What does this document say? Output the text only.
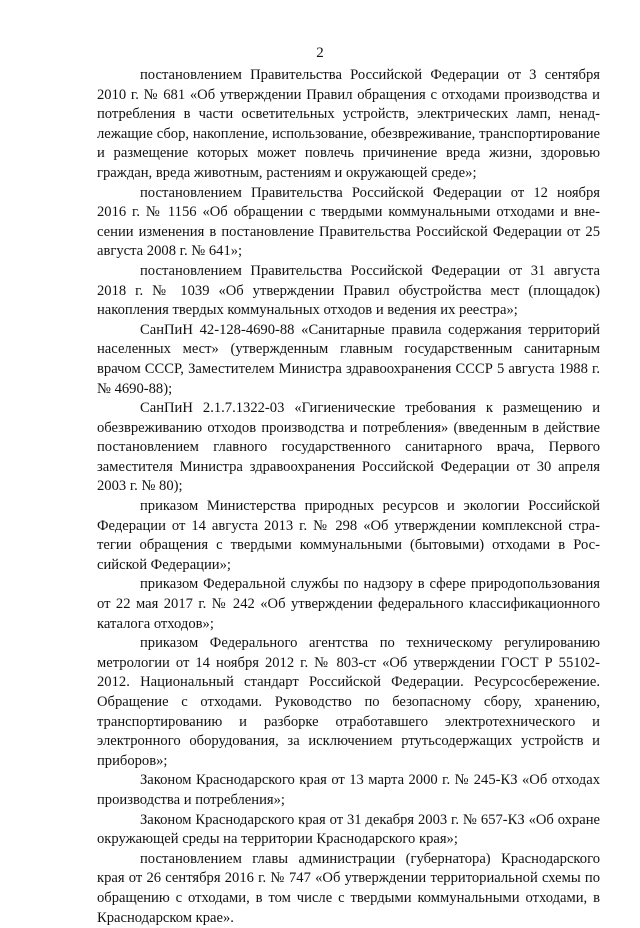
2

постановлением Правительства Российской Федерации от 3 сентября 2010 г. № 681 «Об утверждении Правил обращения с отходами производства и потребления в части осветительных устройств, электрических ламп, ненадлежащие сбор, накопление, использование, обезвреживание, транспортирование и размещение которых может повлечь причинение вреда жизни, здоровью граждан, вреда животным, растениям и окружающей среде»;

постановлением Правительства Российской Федерации от 12 ноября 2016 г. № 1156 «Об обращении с твердыми коммунальными отходами и внесении изменения в постановление Правительства Российской Федерации от 25 августа 2008 г. № 641»;

постановлением Правительства Российской Федерации от 31 августа 2018 г. № 1039 «Об утверждении Правил обустройства мест (площадок) накопления твердых коммунальных отходов и ведения их реестра»;

СанПиН 42-128-4690-88 «Санитарные правила содержания территорий населенных мест» (утвержденным главным государственным санитарным врачом СССР, Заместителем Министра здравоохранения СССР 5 августа 1988 г. № 4690-88);

СанПиН 2.1.7.1322-03 «Гигиенические требования к размещению и обезвреживанию отходов производства и потребления» (введенным в действие постановлением главного государственного санитарного врача, Первого заместителя Министра здравоохранения Российской Федерации от 30 апреля 2003 г. № 80);

приказом Министерства природных ресурсов и экологии Российской Федерации от 14 августа 2013 г. № 298 «Об утверждении комплексной стратегии обращения с твердыми коммунальными (бытовыми) отходами в Российской Федерации»;

приказом Федеральной службы по надзору в сфере природопользования от 22 мая 2017 г. № 242 «Об утверждении федерального классификационного каталога отходов»;

приказом Федерального агентства по техническому регулированию метрологии от 14 ноября 2012 г. № 803-ст «Об утверждении ГОСТ Р 55102-2012. Национальный стандарт Российской Федерации. Ресурсосбережение. Обращение с отходами. Руководство по безопасному сбору, хранению, транспортированию и разборке отработавшего электротехнического и электронного оборудования, за исключением ртутьсодержащих устройств и приборов»;

Законом Краснодарского края от 13 марта 2000 г. № 245-КЗ «Об отходах производства и потребления»;

Законом Краснодарского края от 31 декабря 2003 г. № 657-КЗ «Об охране окружающей среды на территории Краснодарского края»;

постановлением главы администрации (губернатора) Краснодарского края от 26 сентября 2016 г. № 747 «Об утверждении территориальной схемы по обращению с отходами, в том числе с твердыми коммунальными отходами, в Краснодарском крае».
